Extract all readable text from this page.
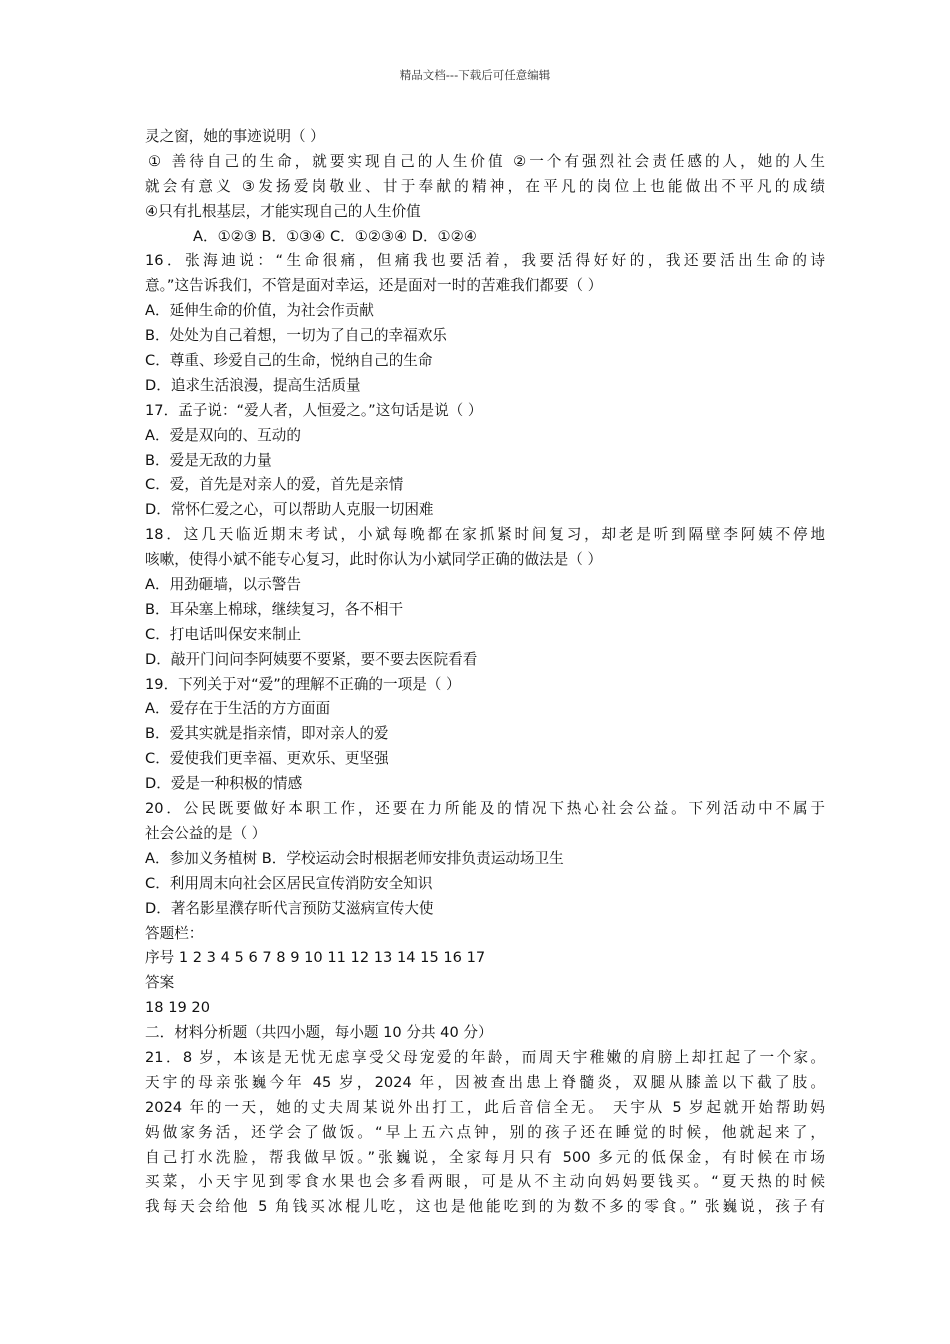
精品文档---下载后可任意编辑
灵之窗，她的事迹说明（ ）
① 善待自己的生命，就要实现自己的人生价值 ②一个有强烈社会责任感的人，她的人生
就会有意义 ③发扬爱岗敬业、甘于奉献的精神，在平凡的岗位上也能做出不平凡的成绩
④只有扎根基层，才能实现自己的人生价值
A．①②③ B．①③④ C．①②③④ D．①②④
16．张海迪说：“生命很痛，但痛我也要活着，我要活得好好的，我还要活出生命的诗
意。”这告诉我们，不管是面对幸运，还是面对一时的苦难我们都要（ ）
A．延伸生命的价值，为社会作贡献
B．处处为自己着想，一切为了自己的幸福欢乐
C．尊重、珍爱自己的生命，悦纳自己的生命
D．追求生活浪漫，提高生活质量
17．孟子说：“爱人者，人恒爱之。”这句话是说（ ）
A．爱是双向的、互动的
B．爱是无敌的力量
C．爱，首先是对亲人的爱，首先是亲情
D．常怀仁爱之心，可以帮助人克服一切困难
18．这几天临近期末考试，小斌每晚都在家抓紧时间复习，却老是听到隔壁李阿姨不停地
咳嗽，使得小斌不能专心复习，此时你认为小斌同学正确的做法是（ ）
A．用劲砸墙，以示警告
B．耳朵塞上棉球，继续复习，各不相干
C．打电话叫保安来制止
D．敲开门问问李阿姨要不要紧，要不要去医院看看
19．下列关于对“爱”的理解不正确的一项是（ ）
A．爱存在于生活的方方面面
B．爱其实就是指亲情，即对亲人的爱
C．爱使我们更幸福、更欢乐、更坚强
D．爱是一种积极的情感
20．公民既要做好本职工作，还要在力所能及的情况下热心社会公益。下列活动中不属于
社会公益的是（ ）
A．参加义务植树 B．学校运动会时根据老师安排负责运动场卫生
C．利用周末向社会区居民宣传消防安全知识
D．著名影星濮存昕代言预防艾滋病宣传大使
答题栏：
序号 1 2 3 4 5 6 7 8 9 10 11 12 13 14 15 16 17
答案
18 19 20
二．材料分析题（共四小题，每小题 10 分共 40 分）
21．8 岁，本该是无忧无虑享受父母宠爱的年龄，而周天宇稚嫩的肩膀上却扛起了一个家。
天宇的母亲张巍今年 45 岁，2024 年，因被查出患上脊髓炎，双腿从膝盖以下截了肢。
2024 年的一天，她的丈夫周某说外出打工，此后音信全无。 天宇从 5 岁起就开始帮助妈
妈做家务活，还学会了做饭。“早上五六点钟，别的孩子还在睡觉的时候，他就起来了，
自己打水洗脸，帮我做早饭。”张巍说，全家每月只有 500 多元的低保金，有时候在市场
买菜，小天宇见到零食水果也会多看两眼，可是从不主动向妈妈要钱买。“夏天热的时候
我每天会给他 5 角钱买冰棍儿吃，这也是他能吃到的为数不多的零食。” 张巍说，孩子有
